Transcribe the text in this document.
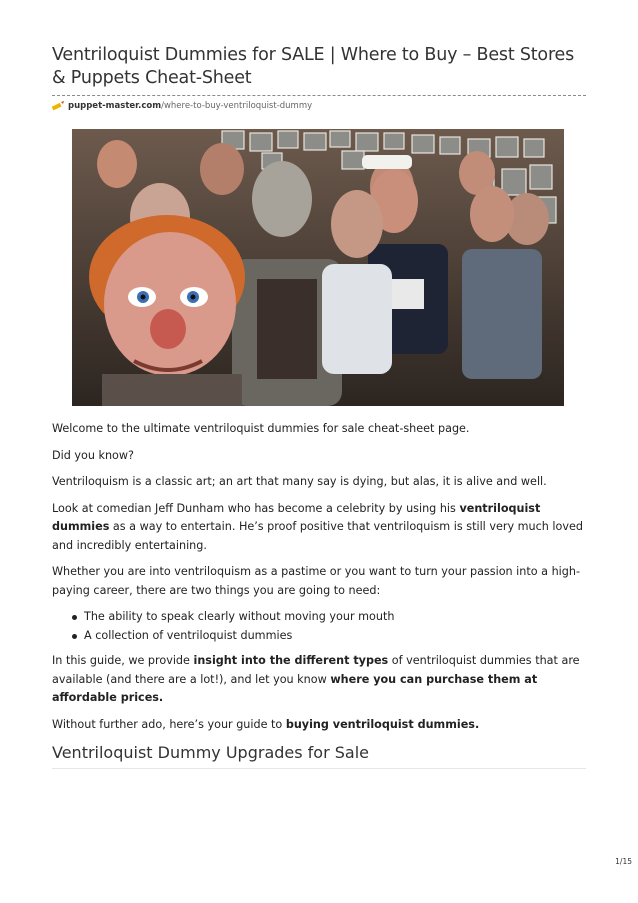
Ventriloquist Dummies for SALE | Where to Buy – Best Stores & Puppets Cheat-Sheet
puppet-master.com /where-to-buy-ventriloquist-dummy

Welcome to the ultimate ventriloquist dummies for sale cheat-sheet page.

Did you know?

Ventriloquism is a classic art; an art that many say is dying, but alas, it is alive and well.

Look at comedian Jeff Dunham who has become a celebrity by using his ventriloquist dummies as a way to entertain. He’s proof positive that ventriloquism is still very much loved and incredibly entertaining.

Whether you are into ventriloquism as a pastime or you want to turn your passion into a high-paying career, there are two things you are going to need:

The ability to speak clearly without moving your mouth
A collection of ventriloquist dummies

In this guide, we provide insight into the different types of ventriloquist dummies that are available (and there are a lot!), and let you know where you can purchase them at affordable prices.

Without further ado, here’s your guide to buying ventriloquist dummies.

Ventriloquist Dummy Upgrades for Sale
1/15
